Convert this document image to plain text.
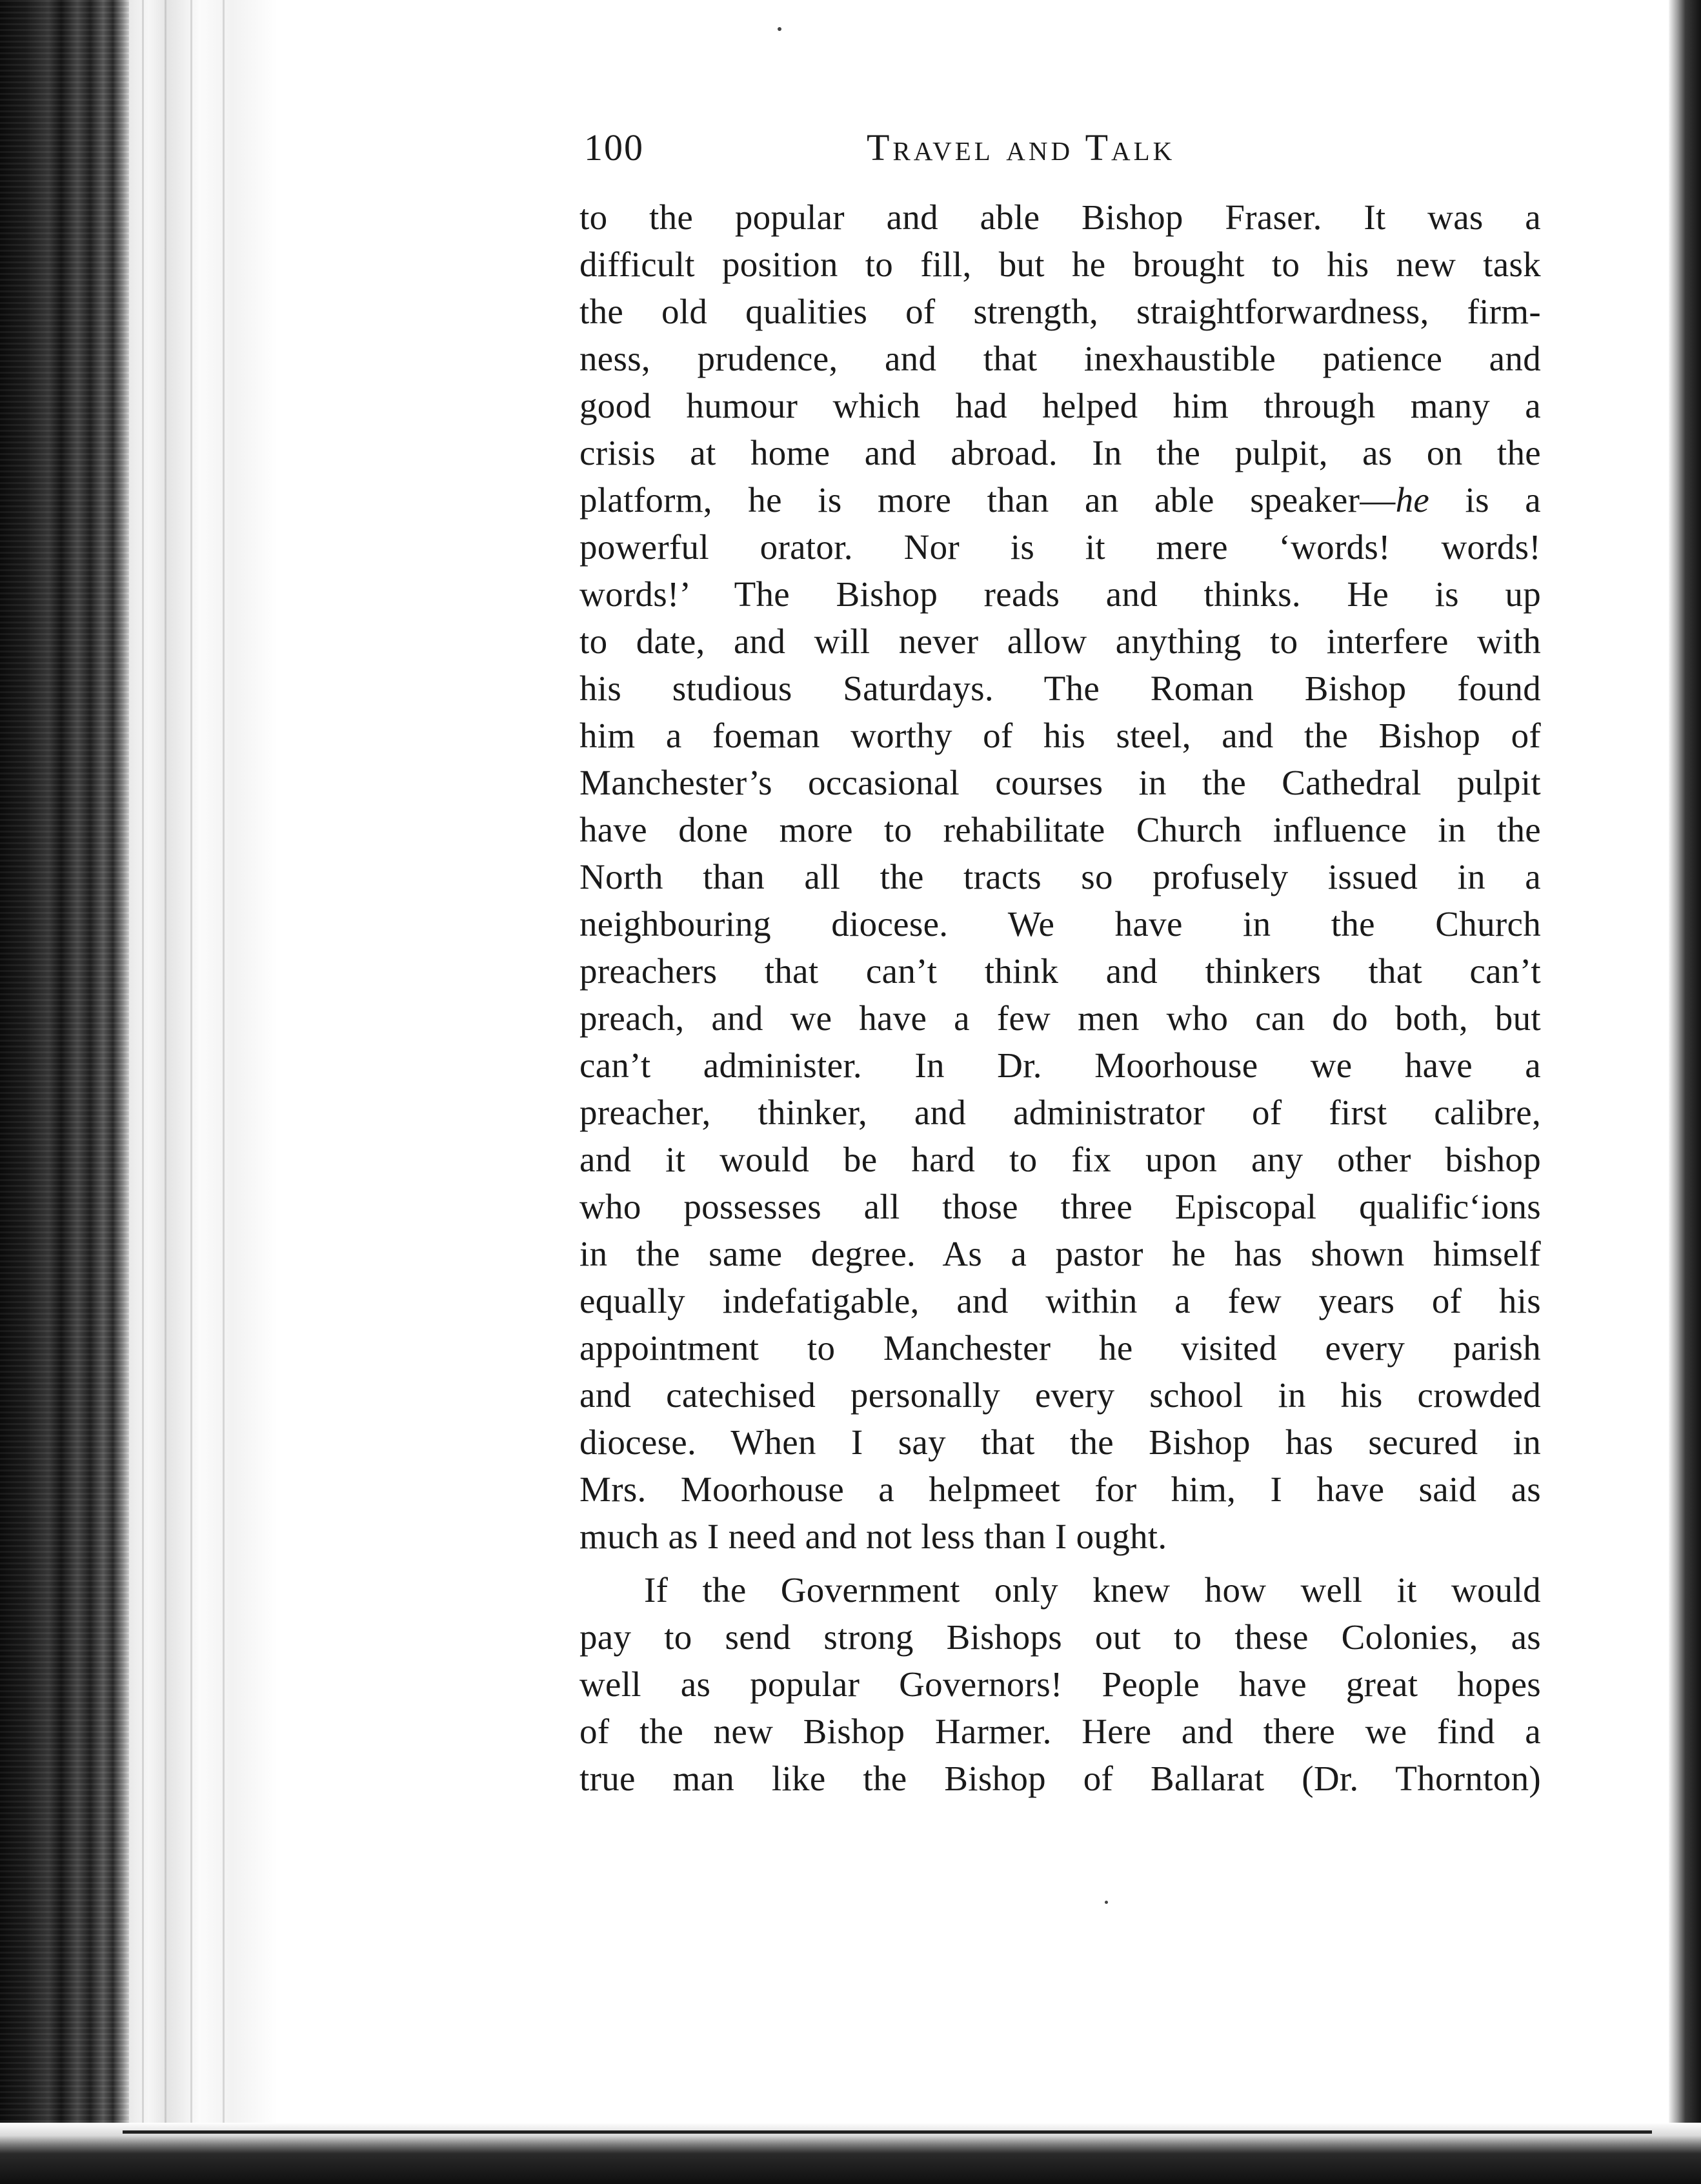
100	Travel and Talk
to the popular and able Bishop Fraser. It was a
difficult position to fill, but he brought to his new task
the old qualities of strength, straightforwardness, firm-
ness, prudence, and that inexhaustible patience and
good humour which had helped him through many a
crisis at home and abroad. In the pulpit, as on the
platform, he is more than an able speaker—he is a
powerful orator. Nor is it mere ‘words! words!
words!’ The Bishop reads and thinks. He is up
to date, and will never allow anything to interfere with
his studious Saturdays. The Roman Bishop found
him a foeman worthy of his steel, and the Bishop of
Manchester’s occasional courses in the Cathedral pulpit
have done more to rehabilitate Church influence in the
North than all the tracts so profusely issued in a
neighbouring diocese. We have in the Church
preachers that can’t think and thinkers that can’t
preach, and we have a few men who can do both, but
can’t administer. In Dr. Moorhouse we have a
preacher, thinker, and administrator of first calibre,
and it would be hard to fix upon any other bishop
who possesses all those three Episcopal qualificʻions
in the same degree. As a pastor he has shown himself
equally indefatigable, and within a few years of his
appointment to Manchester he visited every parish
and catechised personally every school in his crowded
diocese. When I say that the Bishop has secured in
Mrs. Moorhouse a helpmeet for him, I have said as
much as I need and not less than I ought.
If the Government only knew how well it would
pay to send strong Bishops out to these Colonies, as
well as popular Governors! People have great hopes
of the new Bishop Harmer. Here and there we find a
true man like the Bishop of Ballarat (Dr. Thornton)
